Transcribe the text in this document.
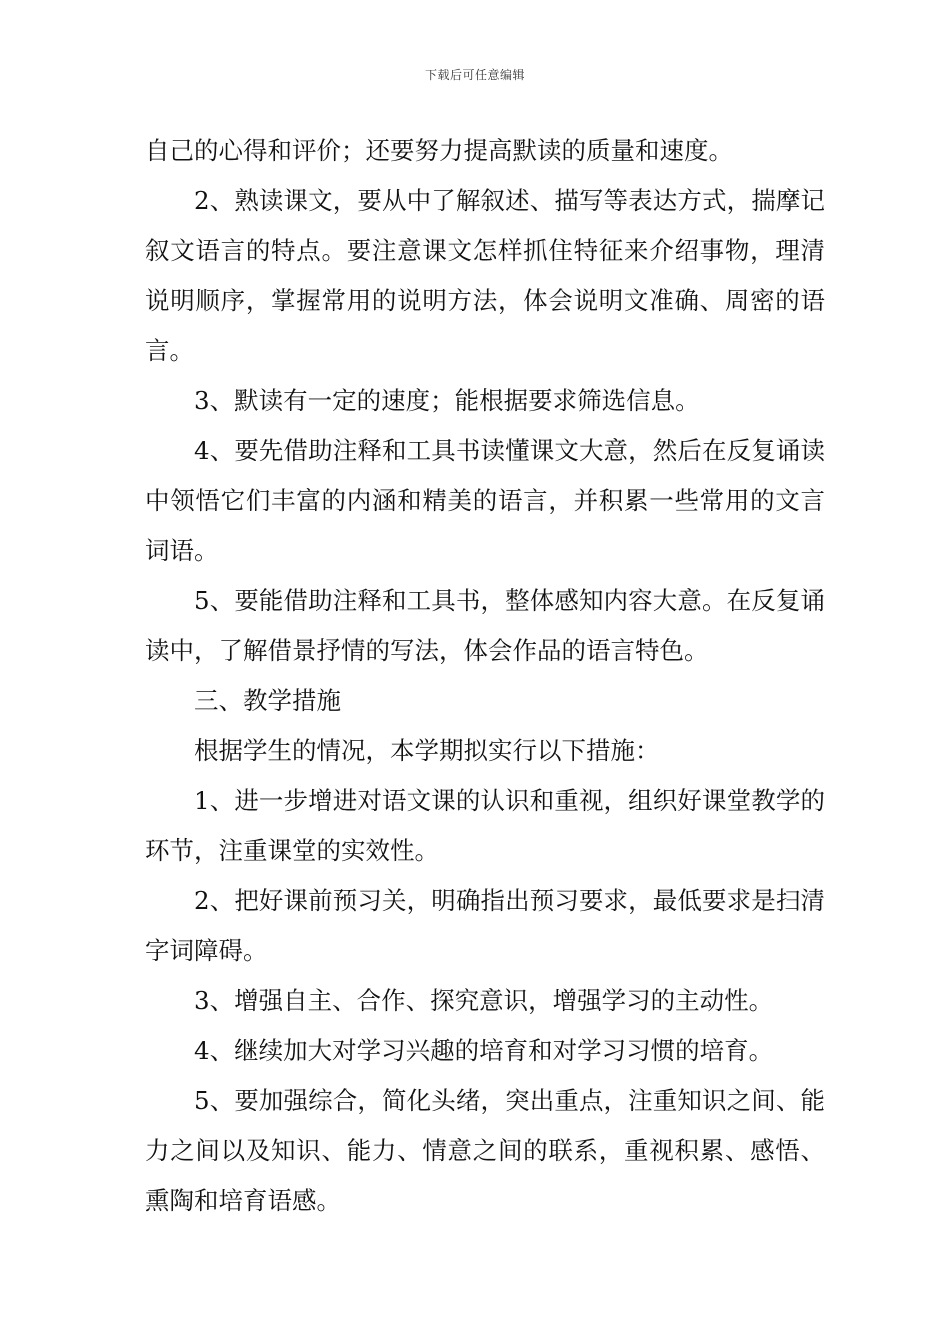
下载后可任意编辑

自己的心得和评价；还要努力提高默读的质量和速度。

2、熟读课文，要从中了解叙述、描写等表达方式，揣摩记叙文语言的特点。要注意课文怎样抓住特征来介绍事物，理清说明顺序，掌握常用的说明方法，体会说明文准确、周密的语言。

3、默读有一定的速度；能根据要求筛选信息。

4、要先借助注释和工具书读懂课文大意，然后在反复诵读中领悟它们丰富的内涵和精美的语言，并积累一些常用的文言词语。

5、要能借助注释和工具书，整体感知内容大意。在反复诵读中，了解借景抒情的写法，体会作品的语言特色。

三、教学措施

根据学生的情况，本学期拟实行以下措施：

1、进一步增进对语文课的认识和重视，组织好课堂教学的环节，注重课堂的实效性。

2、把好课前预习关，明确指出预习要求，最低要求是扫清字词障碍。

3、增强自主、合作、探究意识，增强学习的主动性。

4、继续加大对学习兴趣的培育和对学习习惯的培育。

5、要加强综合，简化头绪，突出重点，注重知识之间、能力之间以及知识、能力、情意之间的联系，重视积累、感悟、熏陶和培育语感。
